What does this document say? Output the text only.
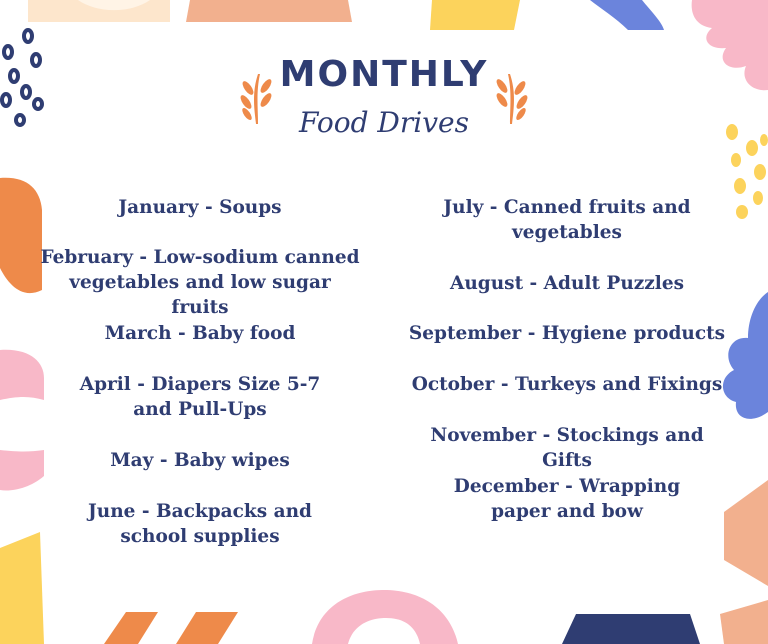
MONTHLY
Food Drives
January - Soups
February - Low-sodium canned vegetables and low sugar fruits
March - Baby food
April - Diapers Size 5-7 and Pull-Ups
May - Baby wipes
June - Backpacks and school supplies
July - Canned fruits and vegetables
August - Adult Puzzles
September - Hygiene products
October - Turkeys and Fixings
November - Stockings and Gifts
December - Wrapping paper and bow
